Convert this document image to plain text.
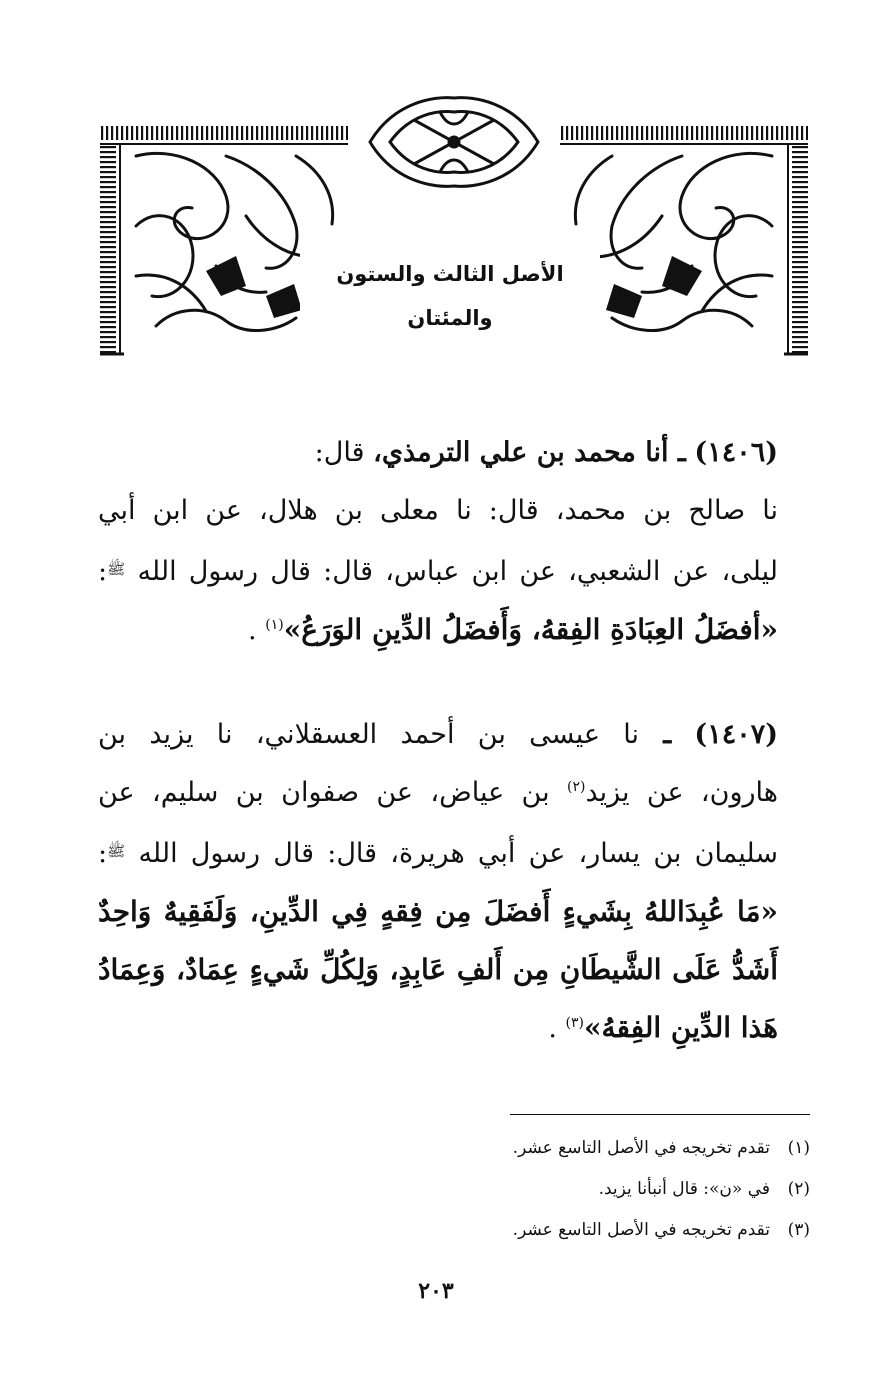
الأصل الثالث والستون والمئتان
(١٤٠٦) ـ أنا محمد بن علي الترمذي، قال:
نا صالح بن محمد، قال: نا معلى بن هلال، عن ابن أبي
ليلى، عن الشعبي، عن ابن عباس، قال: قال رسول الله $^ﷺ$:
«أفضَلُ العِبَادَةِ الفِقهُ، وَأَفضَلُ الدِّينِ الوَرَعُ»$^{(١)}$ .
(١٤٠٧) ـ نا عيسى بن أحمد العسقلاني، نا يزيد بن
هارون، عن يزيد$^{(٢)}$ بن عياض، عن صفوان بن سليم، عن
سليمان بن يسار، عن أبي هريرة، قال: قال رسول الله $^ﷺ$:
«مَا عُبِدَاللهُ بِشَيءٍ أَفضَلَ مِن فِقهٍ فِي الدِّينِ، وَلَفَقِيهٌ وَاحِدٌ
أَشَدُّ عَلَى الشَّيطَانِ مِن أَلفِ عَابِدٍ، وَلِكُلِّ شَيءٍ عِمَادٌ، وَعِمَادُ
هَذا الدِّينِ الفِقهُ»$^{(٣)}$ .
(١)تقدم تخريجه في الأصل التاسع عشر.
(٢)في «ن»: قال أنبأنا يزيد.
(٣)تقدم تخريجه في الأصل التاسع عشر.
٢٠٣
